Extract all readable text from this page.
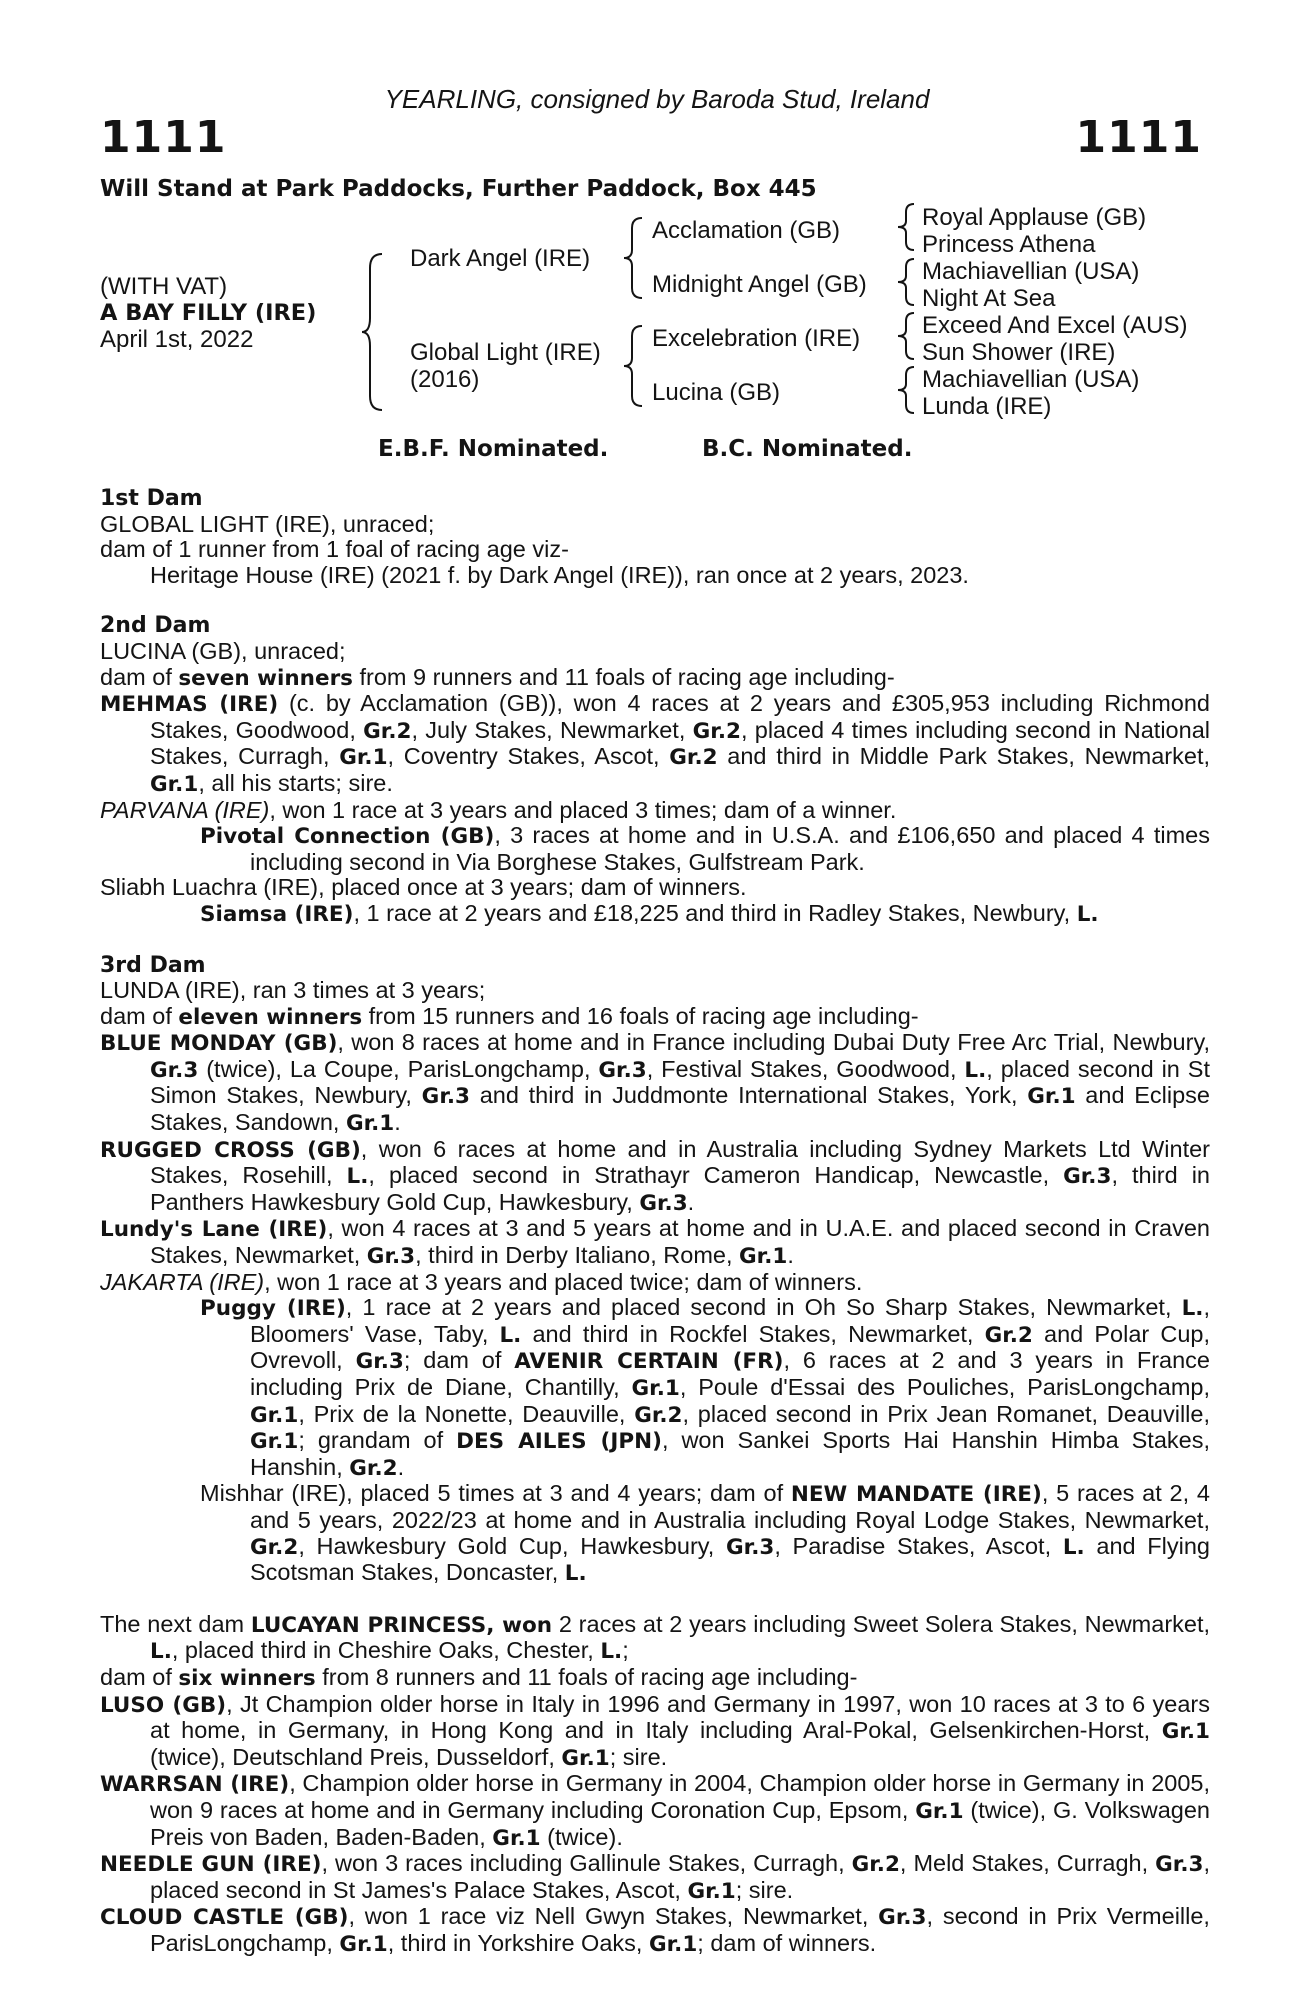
YEARLING, consigned by Baroda Stud, Ireland
1111	1111
Will Stand at Park Paddocks, Further Paddock, Box 445
(WITH VAT)
A BAY FILLY (IRE)
April 1st, 2022
Dark Angel (IRE)
Global Light (IRE)
(2016)
Acclamation (GB)
Midnight Angel (GB)
Excelebration (IRE)
Lucina (GB)
Royal Applause (GB)
Princess Athena
Machiavellian (USA)
Night At Sea
Exceed And Excel (AUS)
Sun Shower (IRE)
Machiavellian (USA)
Lunda (IRE)
E.B.F. Nominated.	B.C. Nominated.
1st Dam
GLOBAL LIGHT (IRE), unraced;
dam of 1 runner from 1 foal of racing age viz-
Heritage House (IRE) (2021 f. by Dark Angel (IRE)), ran once at 2 years, 2023.
2nd Dam
LUCINA (GB), unraced;
dam of seven winners from 9 runners and 11 foals of racing age including-
MEHMAS (IRE) (c. by Acclamation (GB)), won 4 races at 2 years and £305,953 including Richmond Stakes, Goodwood, Gr.2, July Stakes, Newmarket, Gr.2, placed 4 times including second in National Stakes, Curragh, Gr.1, Coventry Stakes, Ascot, Gr.2 and third in Middle Park Stakes, Newmarket, Gr.1, all his starts; sire.
PARVANA (IRE), won 1 race at 3 years and placed 3 times; dam of a winner.
Pivotal Connection (GB), 3 races at home and in U.S.A. and £106,650 and placed 4 times including second in Via Borghese Stakes, Gulfstream Park.
Sliabh Luachra (IRE), placed once at 3 years; dam of winners.
Siamsa (IRE), 1 race at 2 years and £18,225 and third in Radley Stakes, Newbury, L.
3rd Dam
LUNDA (IRE), ran 3 times at 3 years;
dam of eleven winners from 15 runners and 16 foals of racing age including-
BLUE MONDAY (GB), won 8 races at home and in France including Dubai Duty Free Arc Trial, Newbury, Gr.3 (twice), La Coupe, ParisLongchamp, Gr.3, Festival Stakes, Goodwood, L., placed second in St Simon Stakes, Newbury, Gr.3 and third in Juddmonte International Stakes, York, Gr.1 and Eclipse Stakes, Sandown, Gr.1.
RUGGED CROSS (GB), won 6 races at home and in Australia including Sydney Markets Ltd Winter Stakes, Rosehill, L., placed second in Strathayr Cameron Handicap, Newcastle, Gr.3, third in Panthers Hawkesbury Gold Cup, Hawkesbury, Gr.3.
Lundy's Lane (IRE), won 4 races at 3 and 5 years at home and in U.A.E. and placed second in Craven Stakes, Newmarket, Gr.3, third in Derby Italiano, Rome, Gr.1.
JAKARTA (IRE), won 1 race at 3 years and placed twice; dam of winners.
Puggy (IRE), 1 race at 2 years and placed second in Oh So Sharp Stakes, Newmarket, L., Bloomers' Vase, Taby, L. and third in Rockfel Stakes, Newmarket, Gr.2 and Polar Cup, Ovrevoll, Gr.3; dam of AVENIR CERTAIN (FR), 6 races at 2 and 3 years in France including Prix de Diane, Chantilly, Gr.1, Poule d'Essai des Pouliches, ParisLongchamp, Gr.1, Prix de la Nonette, Deauville, Gr.2, placed second in Prix Jean Romanet, Deauville, Gr.1; grandam of DES AILES (JPN), won Sankei Sports Hai Hanshin Himba Stakes, Hanshin, Gr.2.
Mishhar (IRE), placed 5 times at 3 and 4 years; dam of NEW MANDATE (IRE), 5 races at 2, 4 and 5 years, 2022/23 at home and in Australia including Royal Lodge Stakes, Newmarket, Gr.2, Hawkesbury Gold Cup, Hawkesbury, Gr.3, Paradise Stakes, Ascot, L. and Flying Scotsman Stakes, Doncaster, L.
The next dam LUCAYAN PRINCESS, won 2 races at 2 years including Sweet Solera Stakes, Newmarket, L., placed third in Cheshire Oaks, Chester, L.;
dam of six winners from 8 runners and 11 foals of racing age including-
LUSO (GB), Jt Champion older horse in Italy in 1996 and Germany in 1997, won 10 races at 3 to 6 years at home, in Germany, in Hong Kong and in Italy including Aral-Pokal, Gelsenkirchen-Horst, Gr.1 (twice), Deutschland Preis, Dusseldorf, Gr.1; sire.
WARRSAN (IRE), Champion older horse in Germany in 2004, Champion older horse in Germany in 2005, won 9 races at home and in Germany including Coronation Cup, Epsom, Gr.1 (twice), G. Volkswagen Preis von Baden, Baden-Baden, Gr.1 (twice).
NEEDLE GUN (IRE), won 3 races including Gallinule Stakes, Curragh, Gr.2, Meld Stakes, Curragh, Gr.3, placed second in St James's Palace Stakes, Ascot, Gr.1; sire.
CLOUD CASTLE (GB), won 1 race viz Nell Gwyn Stakes, Newmarket, Gr.3, second in Prix Vermeille, ParisLongchamp, Gr.1, third in Yorkshire Oaks, Gr.1; dam of winners.
